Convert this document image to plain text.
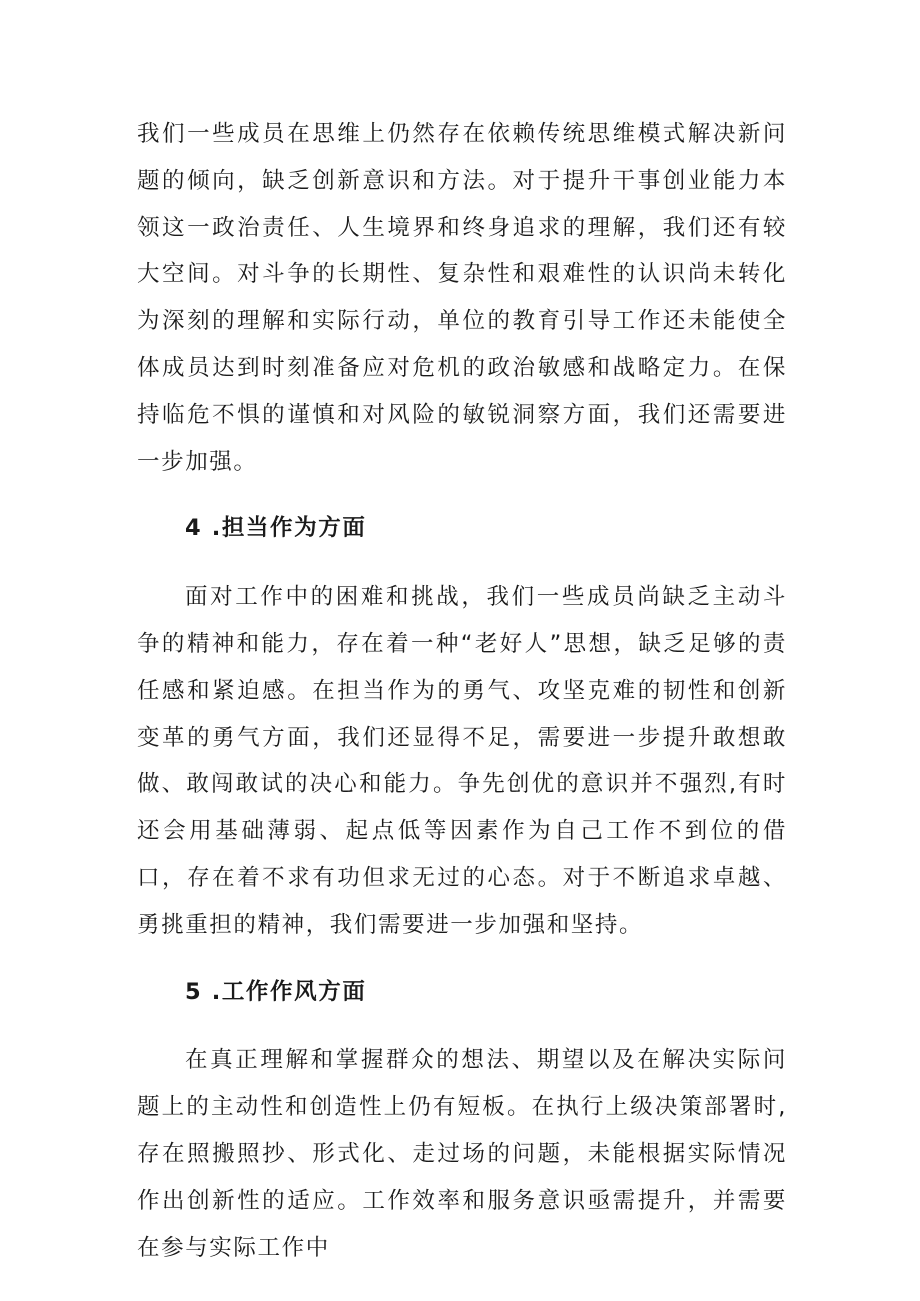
我们一些成员在思维上仍然存在依赖传统思维模式解决新问题的倾向，缺乏创新意识和方法。对于提升干事创业能力本领这一政治责任、人生境界和终身追求的理解，我们还有较大空间。对斗争的长期性、复杂性和艰难性的认识尚未转化为深刻的理解和实际行动，单位的教育引导工作还未能使全体成员达到时刻准备应对危机的政治敏感和战略定力。在保持临危不惧的谨慎和对风险的敏锐洞察方面，我们还需要进一步加强。

4 .担当作为方面

面对工作中的困难和挑战，我们一些成员尚缺乏主动斗争的精神和能力，存在着一种“老好人”思想，缺乏足够的责任感和紧迫感。在担当作为的勇气、攻坚克难的韧性和创新变革的勇气方面，我们还显得不足，需要进一步提升敢想敢做、敢闯敢试的决心和能力。争先创优的意识并不强烈,有时还会用基础薄弱、起点低等因素作为自己工作不到位的借口，存在着不求有功但求无过的心态。对于不断追求卓越、勇挑重担的精神，我们需要进一步加强和坚持。

5 .工作作风方面

在真正理解和掌握群众的想法、期望以及在解决实际问题上的主动性和创造性上仍有短板。在执行上级决策部署时,存在照搬照抄、形式化、走过场的问题，未能根据实际情况作出创新性的适应。工作效率和服务意识亟需提升，并需要在参与实际工作中
